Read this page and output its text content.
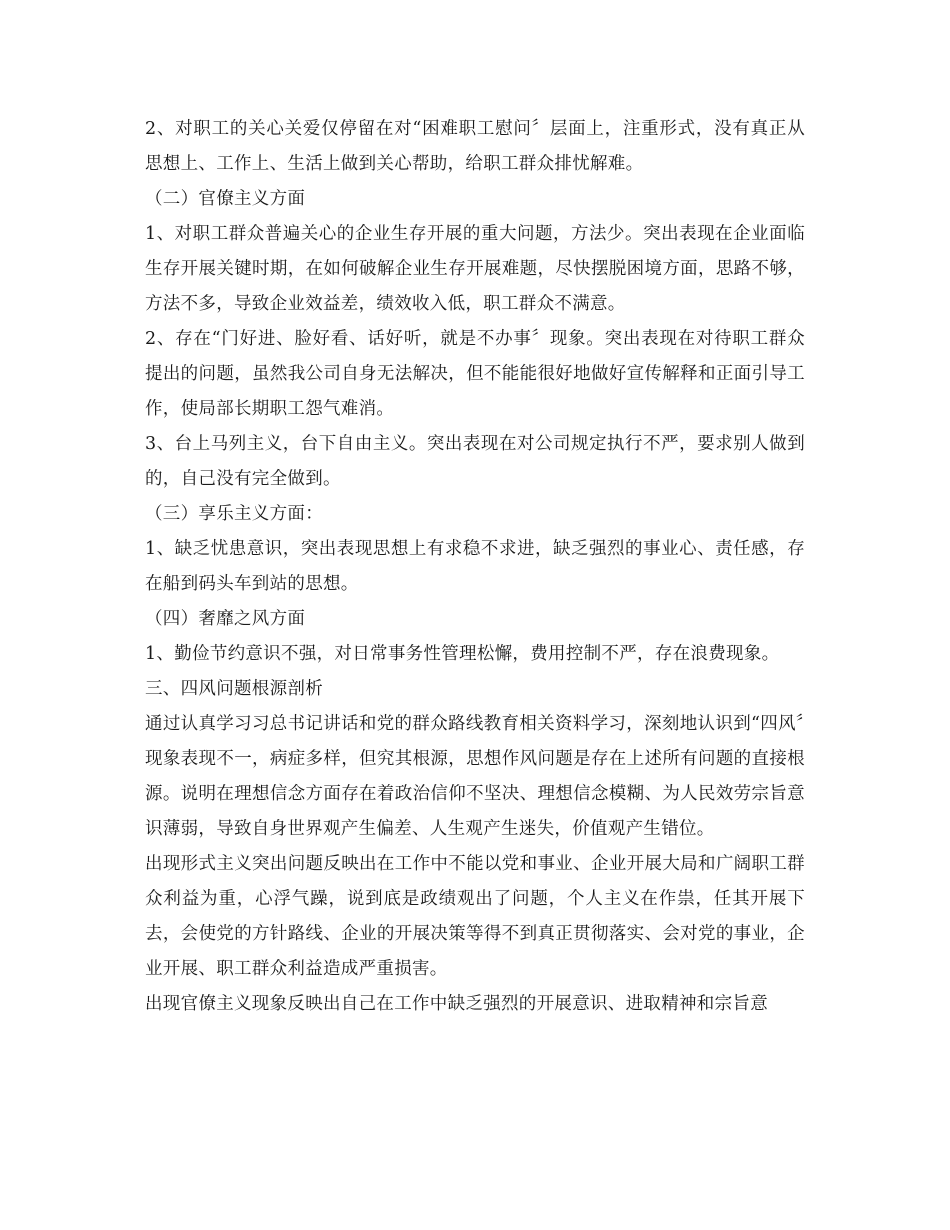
2、对职工的关心关爱仅停留在对“困难职工慰问〞层面上，注重形式，没有真正从思想上、工作上、生活上做到关心帮助，给职工群众排忧解难。

（二）官僚主义方面

1、对职工群众普遍关心的企业生存开展的重大问题，方法少。突出表现在企业面临生存开展关键时期，在如何破解企业生存开展难题，尽快摆脱困境方面，思路不够，方法不多，导致企业效益差，绩效收入低，职工群众不满意。

2、存在“门好进、脸好看、话好听，就是不办事〞现象。突出表现在对待职工群众提出的问题，虽然我公司自身无法解决，但不能能很好地做好宣传解释和正面引导工作，使局部长期职工怨气难消。

3、台上马列主义，台下自由主义。突出表现在对公司规定执行不严，要求别人做到的，自己没有完全做到。

（三）享乐主义方面：

1、缺乏忧患意识，突出表现思想上有求稳不求进，缺乏强烈的事业心、责任感，存在船到码头车到站的思想。

（四）奢靡之风方面

1、勤俭节约意识不强，对日常事务性管理松懈，费用控制不严，存在浪费现象。

三、四风问题根源剖析

通过认真学习习总书记讲话和党的群众路线教育相关资料学习，深刻地认识到“四风〞现象表现不一，病症多样，但究其根源，思想作风问题是存在上述所有问题的直接根源。说明在理想信念方面存在着政治信仰不坚决、理想信念模糊、为人民效劳宗旨意识薄弱，导致自身世界观产生偏差、人生观产生迷失，价值观产生错位。

出现形式主义突出问题反映出在工作中不能以党和事业、企业开展大局和广阔职工群众利益为重，心浮气躁，说到底是政绩观出了问题，个人主义在作祟，任其开展下去，会使党的方针路线、企业的开展决策等得不到真正贯彻落实、会对党的事业，企业开展、职工群众利益造成严重损害。

出现官僚主义现象反映出自己在工作中缺乏强烈的开展意识、进取精神和宗旨意
